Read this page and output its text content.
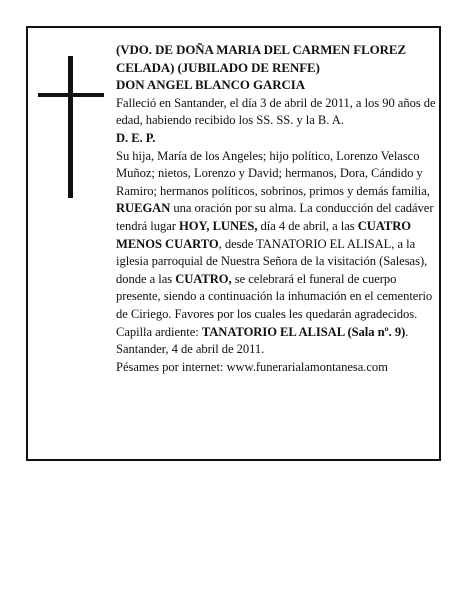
(VDO. DE DOÑA MARIA DEL CARMEN FLOREZ CELADA) (JUBILADO DE RENFE)

DON ANGEL BLANCO GARCIA

Falleció en Santander, el día 3 de abril de 2011, a los 90 años de edad, habiendo recibido los SS. SS. y la B. A.
D. E. P.

Su hija, María de los Angeles; hijo político, Lorenzo Velasco Muñoz; nietos, Lorenzo y David; hermanos, Dora, Cándido y Ramiro; hermanos políticos, sobrinos, primos y demás familia,

RUEGAN una oración por su alma. La conducción del cadáver tendrá lugar HOY, LUNES, día 4 de abril, a las CUATRO MENOS CUARTO, desde TANATORIO EL ALISAL, a la iglesia parroquial de Nuestra Señora de la visitación (Salesas), donde a las CUATRO, se celebrará el funeral de cuerpo presente, siendo a continuación la inhumación en el cementerio de Ciriego. Favores por los cuales les quedarán agradecidos. Capilla ardiente: TANATORIO EL ALISAL (Sala nº. 9).

Santander, 4 de abril de 2011.

Pésames por internet: www.funerarialamontanesa.com
